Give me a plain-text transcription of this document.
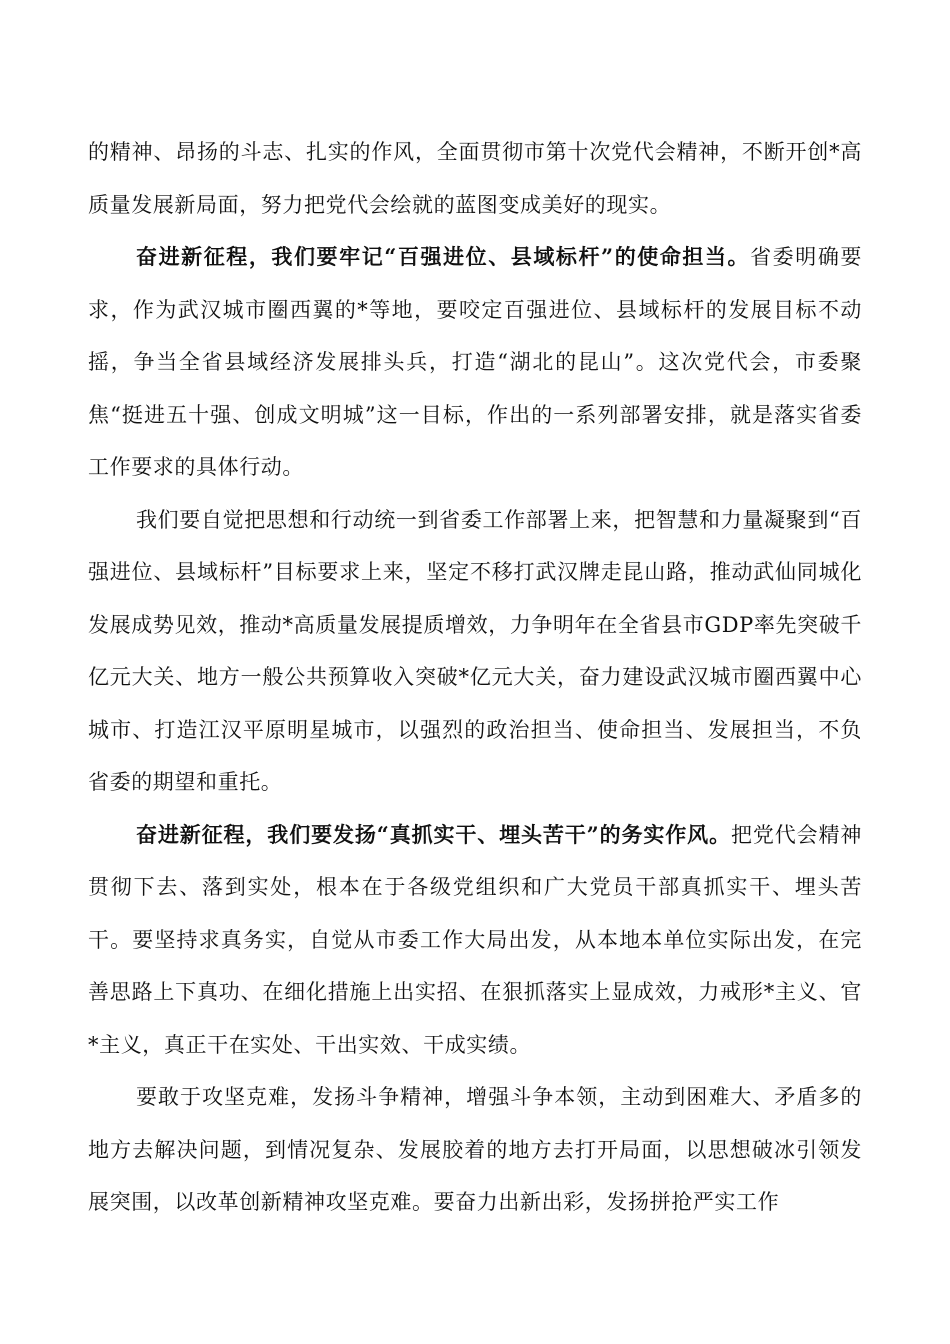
的精神、昂扬的斗志、扎实的作风，全面贯彻市第十次党代会精神，不断开创*高质量发展新局面，努力把党代会绘就的蓝图变成美好的现实。

奋进新征程，我们要牢记“百强进位、县域标杆”的使命担当。省委明确要求，作为武汉城市圈西翼的*等地，要咬定百强进位、县域标杆的发展目标不动摇，争当全省县域经济发展排头兵，打造“湖北的昆山”。这次党代会，市委聚焦“挺进五十强、创成文明城”这一目标，作出的一系列部署安排，就是落实省委工作要求的具体行动。

我们要自觉把思想和行动统一到省委工作部署上来，把智慧和力量凝聚到“百强进位、县域标杆”目标要求上来，坚定不移打武汉牌走昆山路，推动武仙同城化发展成势见效，推动*高质量发展提质增效，力争明年在全省县市GDP率先突破千亿元大关、地方一般公共预算收入突破*亿元大关，奋力建设武汉城市圈西翼中心城市、打造江汉平原明星城市，以强烈的政治担当、使命担当、发展担当，不负省委的期望和重托。

奋进新征程，我们要发扬“真抓实干、埋头苦干”的务实作风。把党代会精神贯彻下去、落到实处，根本在于各级党组织和广大党员干部真抓实干、埋头苦干。要坚持求真务实，自觉从市委工作大局出发，从本地本单位实际出发，在完善思路上下真功、在细化措施上出实招、在狠抓落实上显成效，力戒形*主义、官*主义，真正干在实处、干出实效、干成实绩。

要敢于攻坚克难，发扬斗争精神，增强斗争本领，主动到困难大、矛盾多的地方去解决问题，到情况复杂、发展胶着的地方去打开局面，以思想破冰引领发展突围，以改革创新精神攻坚克难。要奋力出新出彩，发扬拼抢严实工作
